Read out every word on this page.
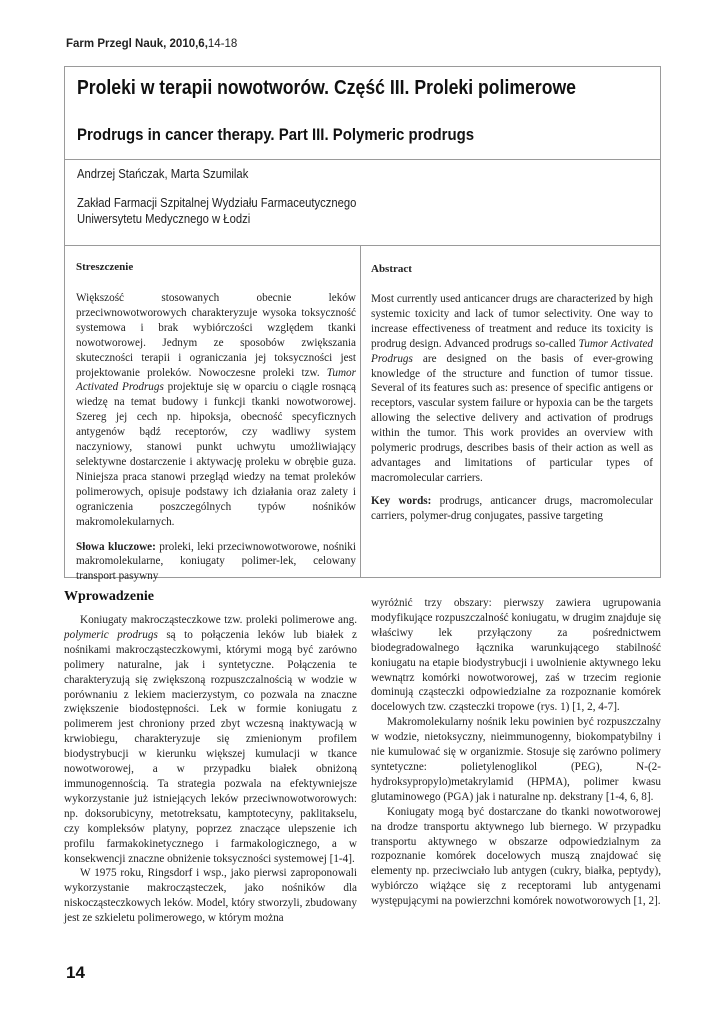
Farm Przegl Nauk, 2010,6,14-18
Proleki w terapii nowotworów. Część III. Proleki polimerowe
Prodrugs in cancer therapy. Part III. Polymeric prodrugs
Andrzej Stańczak, Marta Szumilak
Zakład Farmacji Szpitalnej Wydziału Farmaceutycznego
Uniwersytetu Medycznego w Łodzi
Streszczenie
Większość stosowanych obecnie leków przeciwnowotworowych charakteryzuje wysoka toksyczność systemowa i brak wybiórczości względem tkanki nowotworowej. Jednym ze sposobów zwiększania skuteczności terapii i ograniczania jej toksyczności jest projektowanie proleków. Nowoczesne proleki tzw. Tumor Activated Prodrugs projektuje się w oparciu o ciągle rosnącą wiedzę na temat budowy i funkcji tkanki nowotworowej. Szereg jej cech np. hipoksja, obecność specyficznych antygenów bądź receptorów, czy wadliwy system naczyniowy, stanowi punkt uchwytu umożliwiający selektywne dostarczenie i aktywację proleku w obrębie guza. Niniejsza praca stanowi przegląd wiedzy na temat proleków polimerowych, opisuje podstawy ich działania oraz zalety i ograniczenia poszczególnych typów nośników makromolekularnych.
Słowa kluczowe: proleki, leki przeciwnowotworowe, nośniki makromolekularne, koniugaty polimer-lek, celowany transport pasywny
Abstract
Most currently used anticancer drugs are characterized by high systemic toxicity and lack of tumor selectivity. One way to increase effectiveness of treatment and reduce its toxicity is prodrug design. Advanced prodrugs so-called Tumor Activated Prodrugs are designed on the basis of ever-growing knowledge of the structure and function of tumor tissue. Several of its features such as: presence of specific antigens or receptors, vascular system failure or hypoxia can be the targets allowing the selective delivery and activation of prodrugs within the tumor. This work provides an overview with polymeric prodrugs, describes basis of their action as well as advantages and limitations of particular types of macromolecular carriers.
Key words: prodrugs, anticancer drugs, macromolecular carriers, polymer-drug conjugates, passive targeting
Wprowadzenie

Koniugaty makrocząsteczkowe tzw. proleki polimerowe ang. polymeric prodrugs są to połączenia leków lub białek z nośnikami makrocząsteczkowymi, którymi mogą być zarówno polimery naturalne, jak i syntetyczne. Połączenia te charakteryzują się zwiększoną rozpuszczalnością w wodzie w porównaniu z lekiem macierzystym, co pozwala na znaczne zwiększenie biodostępności. Lek w formie koniugatu z polimerem jest chroniony przed zbyt wczesną inaktywacją w krwiobiegu, charakteryzuje się zmienionym profilem biodystrybucji w kierunku większej kumulacji w tkance nowotworowej, a w przypadku białek obniżoną immunogennością. Ta strategia pozwala na efektywniejsze wykorzystanie już istniejących leków przeciwnowotworowych: np. doksorubicyny, metotreksatu, kamptotecyny, paklitakselu, czy kompleksów platyny, poprzez znaczące ulepszenie ich profilu farmakokinetycznego i farmakologicznego, a w konsekwencji znaczne obniżenie toksyczności systemowej [1-4].

W 1975 roku, Ringsdorf i wsp., jako pierwsi zaproponowali wykorzystanie makrocząsteczek, jako nośników dla niskocząsteczkowych leków. Model, który stworzyli, zbudowany jest ze szkieletu polimerowego, w którym można

wyróżnić trzy obszary: pierwszy zawiera ugrupowania modyfikujące rozpuszczalność koniugatu, w drugim znajduje się właściwy lek przyłączony za pośrednictwem biodegradowalnego łącznika warunkującego stabilność koniugatu na etapie biodystrybucji i uwolnienie aktywnego leku wewnątrz komórki nowotworowej, zaś w trzecim regionie dominują cząsteczki odpowiedzialne za rozpoznanie komórek docelowych tzw. cząsteczki tropowe (rys. 1) [1, 2, 4-7].

Makromolekularny nośnik leku powinien być rozpuszczalny w wodzie, nietoksyczny, nieimmunogenny, biokompatybilny i nie kumulować się w organizmie. Stosuje się zarówno polimery syntetyczne: polietylenoglikol (PEG), N-(2-hydroksypropylo)metakrylamid (HPMA), polimer kwasu glutaminowego (PGA) jak i naturalne np. dekstrany [1-4, 6, 8].

Koniugaty mogą być dostarczane do tkanki nowotworowej na drodze transportu aktywnego lub biernego. W przypadku transportu aktywnego w obszarze odpowiedzialnym za rozpoznanie komórek docelowych muszą znajdować się elementy np. przeciwciało lub antygen (cukry, białka, peptydy), wybiórczo wiążące się z receptorami lub antygenami występującymi na powierzchni komórek nowotworowych [1, 2].

14
